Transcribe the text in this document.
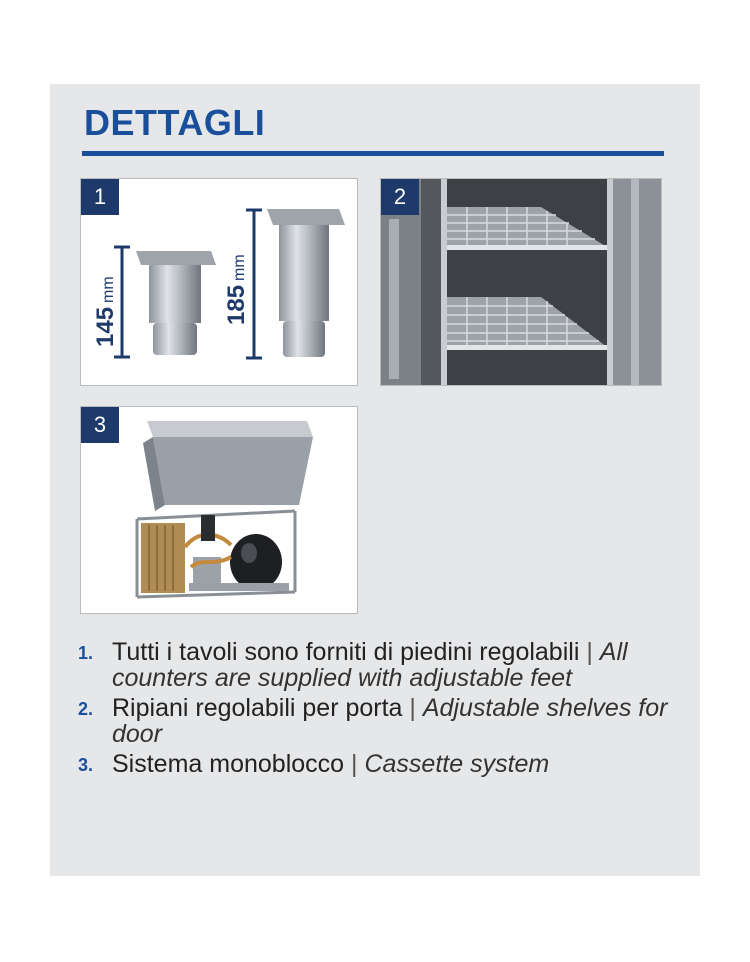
DETTAGLI
1
145mm	185mm
2
3
1. Tutti i tavoli sono forniti di piedini regolabili | All counters are supplied with adjustable feet
2. Ripiani regolabili per porta | Adjustable shelves for door
3. Sistema monoblocco | Cassette system
